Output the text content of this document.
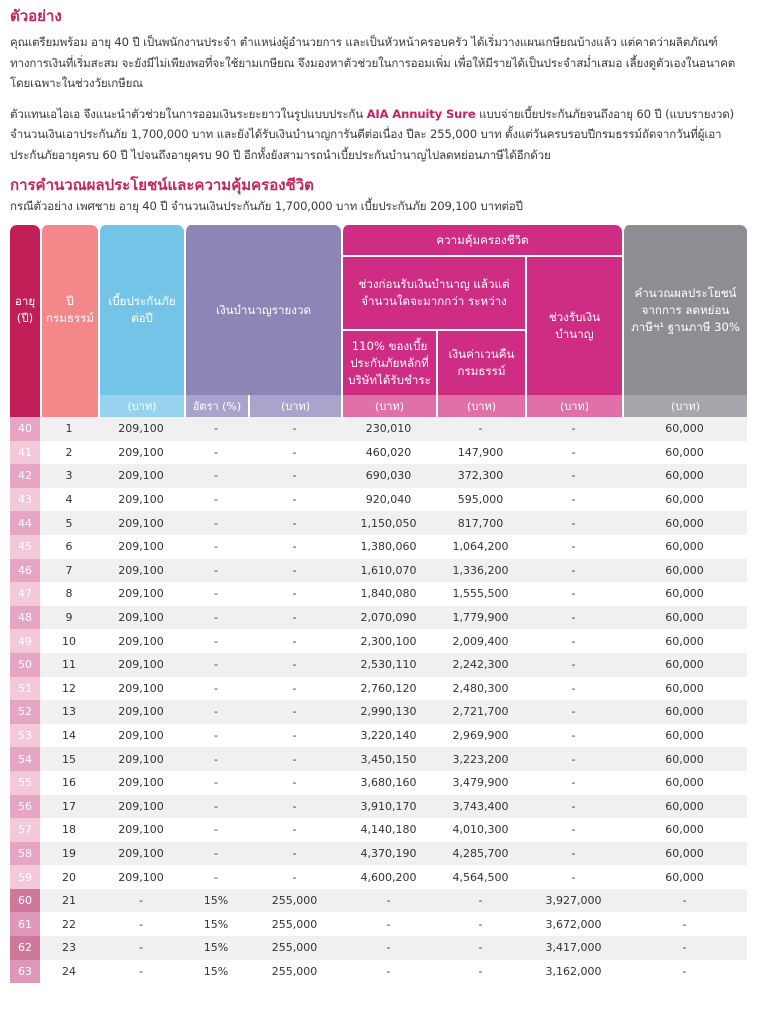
ตัวอย่าง

คุณเตรียมพร้อม อายุ 40 ปี เป็นพนักงานประจำ ตำแหน่งผู้อำนวยการ และเป็นหัวหน้าครอบครัว ได้เริ่มวางแผนเกษียณบ้างแล้ว แต่คาดว่าผลิตภัณฑ์ทางการเงินที่เริ่มสะสม จะยังมีไม่เพียงพอที่จะใช้ยามเกษียณ จึงมองหาตัวช่วยในการออมเพิ่ม เพื่อให้มีรายได้เป็นประจำสม่ำเสมอ เลี้ยงดูตัวเองในอนาคต โดยเฉพาะในช่วงวัยเกษียณ

ตัวแทนเอไอเอ จึงแนะนำตัวช่วยในการออมเงินระยะยาวในรูปแบบประกัน AIA Annuity Sure แบบจ่ายเบี้ยประกันภัยจนถึงอายุ 60 ปี (แบบรายงวด) จำนวนเงินเอาประกันภัย 1,700,000 บาท และยังได้รับเงินบำนาญการันตีต่อเนื่อง ปีละ 255,000 บาท ตั้งแต่วันครบรอบปีกรมธรรม์ถัดจากวันที่ผู้เอาประกันภัยอายุครบ 60 ปี ไปจนถึงอายุครบ 90 ปี อีกทั้งยังสามารถนำเบี้ยประกันบำนาญไปลดหย่อนภาษีได้อีกด้วย

การคำนวณผลประโยชน์และความคุ้มครองชีวิต

กรณีตัวอย่าง เพศชาย อายุ 40 ปี จำนวนเงินประกันภัย 1,700,000 บาท เบี้ยประกันภัย 209,100 บาทต่อปี

อายุ (ปี)	ปี กรมธรรม์	เบี้ยประกันภัย ต่อปี	เงินบำนาญรายงวด		ความคุ้มครองชีวิต			คำนวณผลประโยชน์ จากการ ลดหย่อนภาษีฯ¹ ฐานภาษี 30%
					ช่วงก่อนรับเงินบำนาญ แล้วแต่จำนวนใดจะมากกว่า ระหว่าง		ช่วงรับเงิน บำนาญ	
					110% ของเบี้ย ประกันภัยหลักที่ บริษัทได้รับชำระ	เงินค่าเวนคืน กรมธรรม์		
		(บาท)	อัตรา (%)	(บาท)	(บาท)	(บาท)	(บาท)	(บาท)
40	1	209,100	-	-	230,010	-	-	60,000
41	2	209,100	-	-	460,020	147,900	-	60,000
42	3	209,100	-	-	690,030	372,300	-	60,000
43	4	209,100	-	-	920,040	595,000	-	60,000
44	5	209,100	-	-	1,150,050	817,700	-	60,000
45	6	209,100	-	-	1,380,060	1,064,200	-	60,000
46	7	209,100	-	-	1,610,070	1,336,200	-	60,000
47	8	209,100	-	-	1,840,080	1,555,500	-	60,000
48	9	209,100	-	-	2,070,090	1,779,900	-	60,000
49	10	209,100	-	-	2,300,100	2,009,400	-	60,000
50	11	209,100	-	-	2,530,110	2,242,300	-	60,000
51	12	209,100	-	-	2,760,120	2,480,300	-	60,000
52	13	209,100	-	-	2,990,130	2,721,700	-	60,000
53	14	209,100	-	-	3,220,140	2,969,900	-	60,000
54	15	209,100	-	-	3,450,150	3,223,200	-	60,000
55	16	209,100	-	-	3,680,160	3,479,900	-	60,000
56	17	209,100	-	-	3,910,170	3,743,400	-	60,000
57	18	209,100	-	-	4,140,180	4,010,300	-	60,000
58	19	209,100	-	-	4,370,190	4,285,700	-	60,000
59	20	209,100	-	-	4,600,200	4,564,500	-	60,000
60	21	-	15%	255,000	-	-	3,927,000	-
61	22	-	15%	255,000	-	-	3,672,000	-
62	23	-	15%	255,000	-	-	3,417,000	-
63	24	-	15%	255,000	-	-	3,162,000	-
